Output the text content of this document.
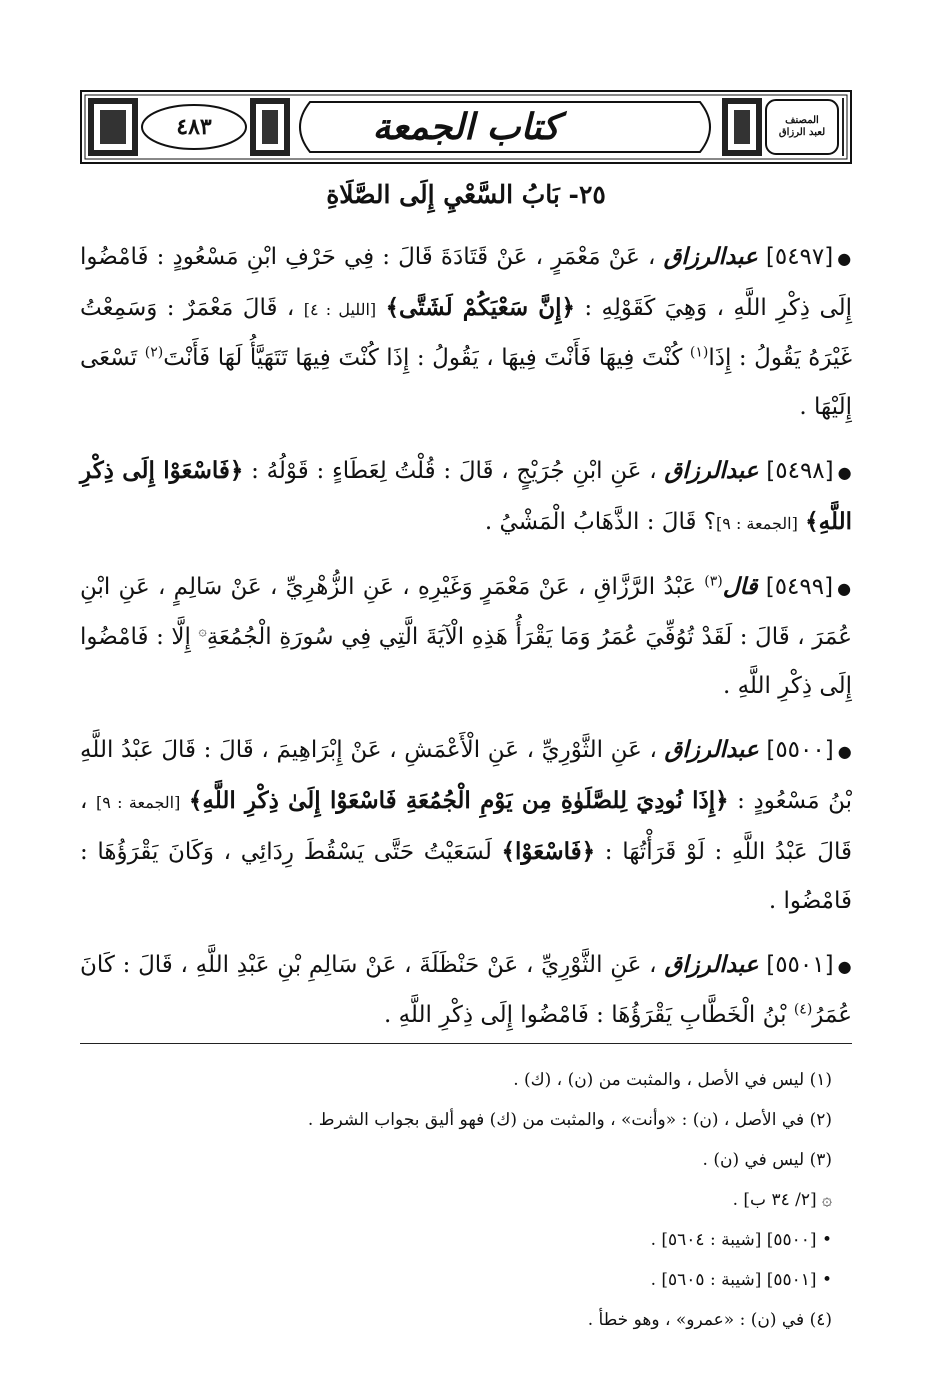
٤٨٣	كتاب الجمعة	المصنف
لعبد الرزاق
٢٥- بَابُ السَّعْيِ إِلَى الصَّلَاةِ

●[٥٤٩٧] عبدالرزاق ، عَنْ مَعْمَرٍ ، عَنْ قَتَادَةَ قَالَ : فِي حَرْفِ ابْنِ مَسْعُودٍ : فَامْضُوا إِلَى ذِكْرِ اللَّهِ ، وَهِيَ كَقَوْلِهِ : ﴿إِنَّ سَعْيَكُمْ لَشَتَّى﴾ [الليل : ٤] ، قَالَ مَعْمَرٌ : وَسَمِعْتُ غَيْرَهُ يَقُولُ : إِذَا$^{(١)}$ كُنْتَ فِيهَا فَأَنْتَ فِيهَا ، يَقُولُ : إِذَا كُنْتَ فِيهَا تَتَهَيَّأُ لَهَا فَأَنْتَ$^{(٢)}$ تَسْعَى إِلَيْهَا .

●[٥٤٩٨] عبدالرزاق ، عَنِ ابْنِ جُرَيْجٍ ، قَالَ : قُلْتُ لِعَطَاءٍ : قَوْلُهُ : ﴿فَاسْعَوْا إِلَى ذِكْرِ اللَّهِ﴾ [الجمعة : ٩]؟ قَالَ : الذَّهَابُ الْمَشْيُ .

●[٥٤٩٩] قال$^{(٣)}$ عَبْدُ الرَّزَّاقِ ، عَنْ مَعْمَرٍ وَغَيْرِهِ ، عَنِ الزُّهْرِيِّ ، عَنْ سَالِمٍ ، عَنِ ابْنِ عُمَرَ ، قَالَ : لَقَدْ تُوُفِّيَ عُمَرُ وَمَا يَقْرَأُ هَذِهِ الْآيَةَ الَّتِي فِي سُورَةِ الْجُمُعَةِ۞ إِلَّا : فَامْضُوا إِلَى ذِكْرِ اللَّهِ .

●[٥٥٠٠] عبدالرزاق ، عَنِ الثَّوْرِيِّ ، عَنِ الْأَعْمَشِ ، عَنْ إِبْرَاهِيمَ ، قَالَ : قَالَ عَبْدُ اللَّهِ بْنُ مَسْعُودٍ : ﴿إِذَا نُودِيَ لِلصَّلَوٰةِ مِن يَوْمِ الْجُمُعَةِ فَاسْعَوْا إِلَىٰ ذِكْرِ اللَّهِ﴾ [الجمعة : ٩] ، قَالَ عَبْدُ اللَّهِ : لَوْ قَرَأْتُهَا : ﴿فَاسْعَوْا﴾ لَسَعَيْتُ حَتَّى يَسْقُطَ رِدَائِي ، وَكَانَ يَقْرَؤُهَا : فَامْضُوا .

●[٥٥٠١] عبدالرزاق ، عَنِ الثَّوْرِيِّ ، عَنْ حَنْظَلَةَ ، عَنْ سَالِمِ بْنِ عَبْدِ اللَّهِ ، قَالَ : كَانَ عُمَرُ$^{(٤)}$ بْنُ الْخَطَّابِ يَقْرَؤُهَا : فَامْضُوا إِلَى ذِكْرِ اللَّهِ .

(١) ليس في الأصل ، والمثبت من (ن) ، (ك) .
(٢) في الأصل ، (ن) : «وأنت» ، والمثبت من (ك) فهو أليق بجواب الشرط .
(٣) ليس في (ن) .
۞ [٢/ ٣٤ ب] .
• [٥٥٠٠] [شيبة : ٥٦٠٤] .
• [٥٥٠١] [شيبة : ٥٦٠٥] .
(٤) في (ن) : «عمرو» ، وهو خطأ .
